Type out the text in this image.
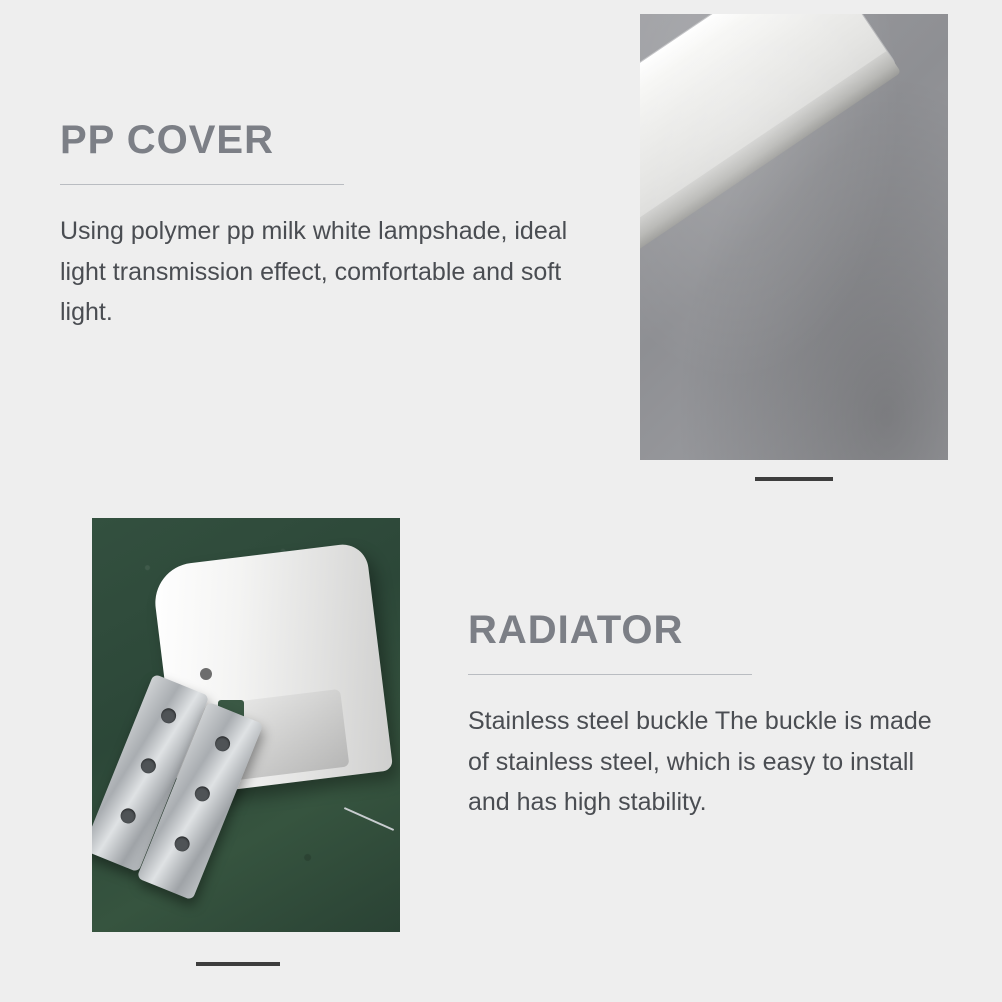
PP COVER

Using polymer pp milk white lampshade, ideal light transmission effect, comfortable and soft light.

RADIATOR

Stainless steel buckle The buckle is made of stainless steel, which is easy to install and has high stability.
